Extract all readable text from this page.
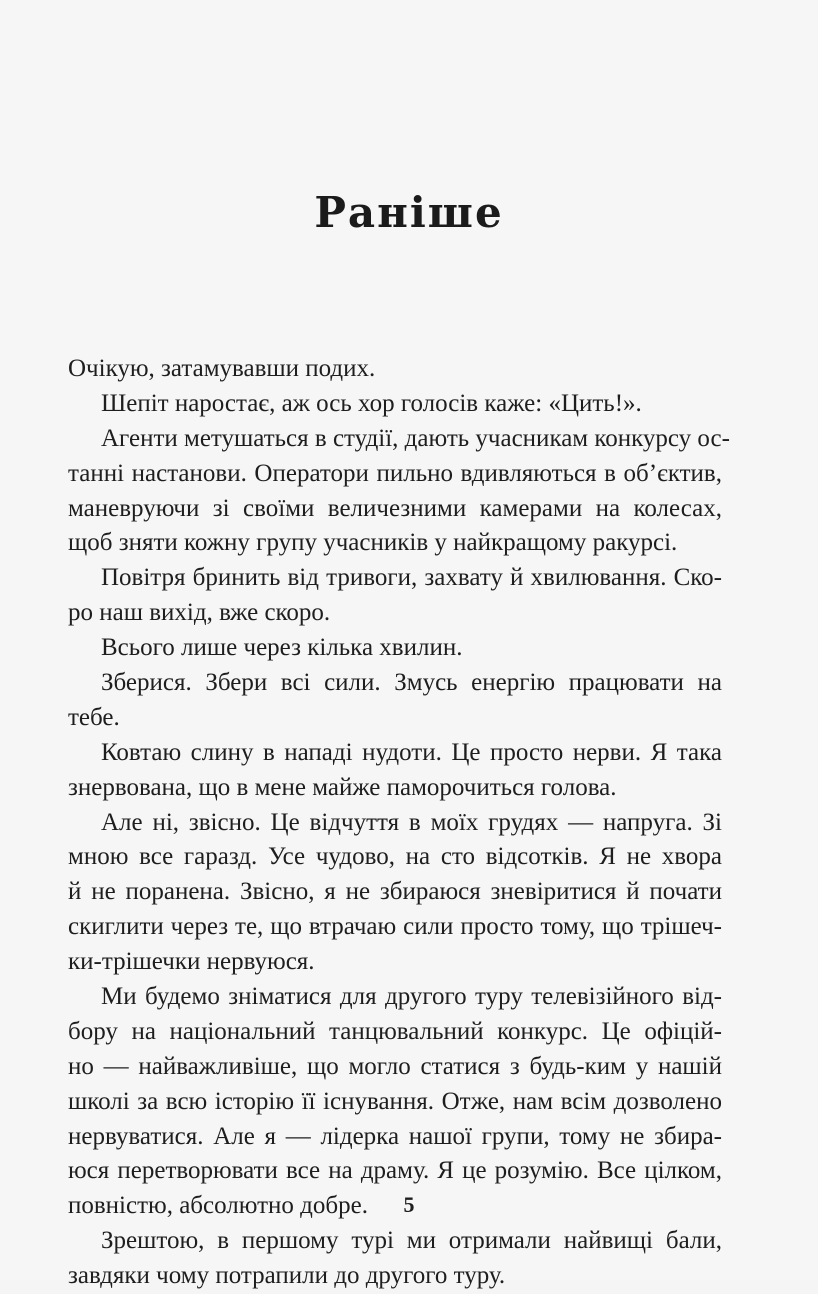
Раніше
Очікую, затамувавши подих.
Шепіт наростає, аж ось хор голосів каже: «Цить!».
Агенти метушаться в студії, дають учасникам конкурсу ос-
танні настанови. Оператори пильно вдивляються в об’єктив,
маневруючи зі своїми величезними камерами на колесах,
щоб зняти кожну групу учасників у найкращому ракурсі.
Повітря бринить від тривоги, захвату й хвилювання. Ско-
ро наш вихід, вже скоро.
Всього лише через кілька хвилин.
Зберися. Збери всі сили. Змусь енергію працювати на
тебе.
Ковтаю слину в нападі нудоти. Це просто нерви. Я така
знервована, що в мене майже паморочиться голова.
Але ні, звісно. Це відчуття в моїх грудях — напруга. Зі
мною все гаразд. Усе чудово, на сто відсотків. Я не хвора
й не поранена. Звісно, я не збираюся зневіритися й почати
скиглити через те, що втрачаю сили просто тому, що трішеч-
ки-трішечки нервуюся.
Ми будемо зніматися для другого туру телевізійного від-
бору на національний танцювальний конкурс. Це офіцій-
но — найважливіше, що могло статися з будь-ким у нашій
школі за всю історію її існування. Отже, нам всім дозволено
нервуватися. Але я — лідерка нашої групи, тому не збира-
юся перетворювати все на драму. Я це розумію. Все цілком,
повністю, абсолютно добре.
Зрештою, в першому турі ми отримали найвищі бали,
завдяки чому потрапили до другого туру.
5
